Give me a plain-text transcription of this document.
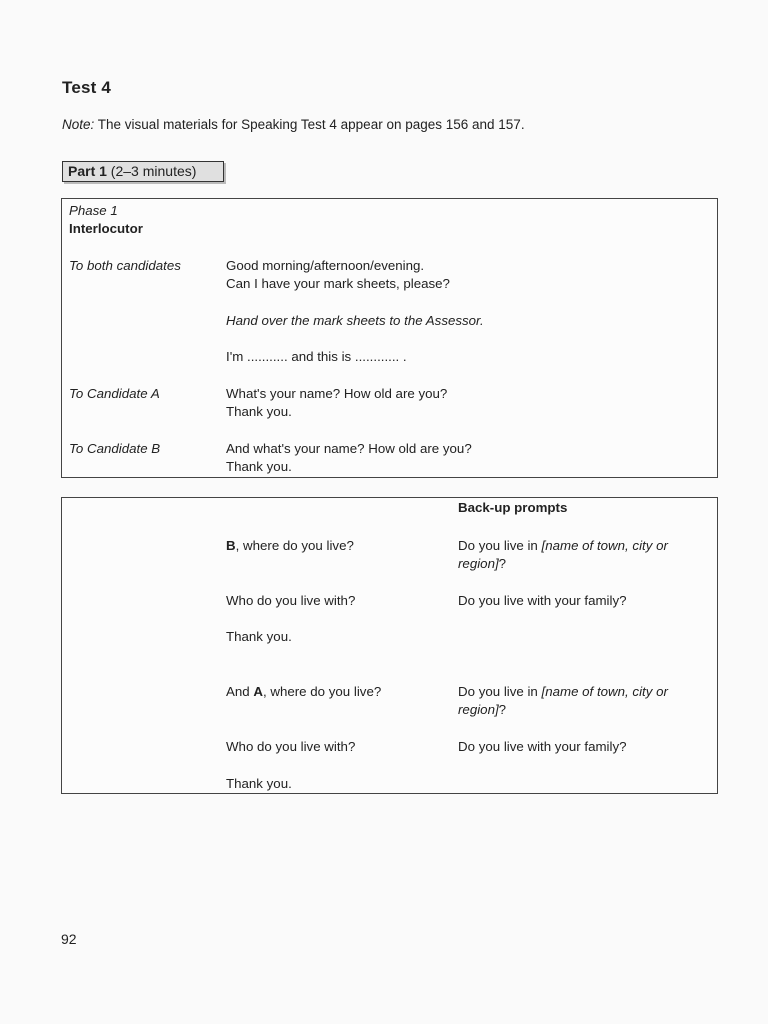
Test 4
Note: The visual materials for Speaking Test 4 appear on pages 156 and 157.
Part 1 (2–3 minutes)
Phase 1
Interlocutor
To both candidates	Good morning/afternoon/evening.
Can I have your mark sheets, please?
Hand over the mark sheets to the Assessor.
I'm ........... and this is ............ .
To Candidate A	What's your name? How old are you?
Thank you.
To Candidate B	And what's your name? How old are you?
Thank you.
Back-up prompts
B, where do you live?	Do you live in [name of town, city or
region]?
Who do you live with?	Do you live with your family?
Thank you.
And A, where do you live?	Do you live in [name of town, city or
region]?
Who do you live with?	Do you live with your family?
Thank you.
92
